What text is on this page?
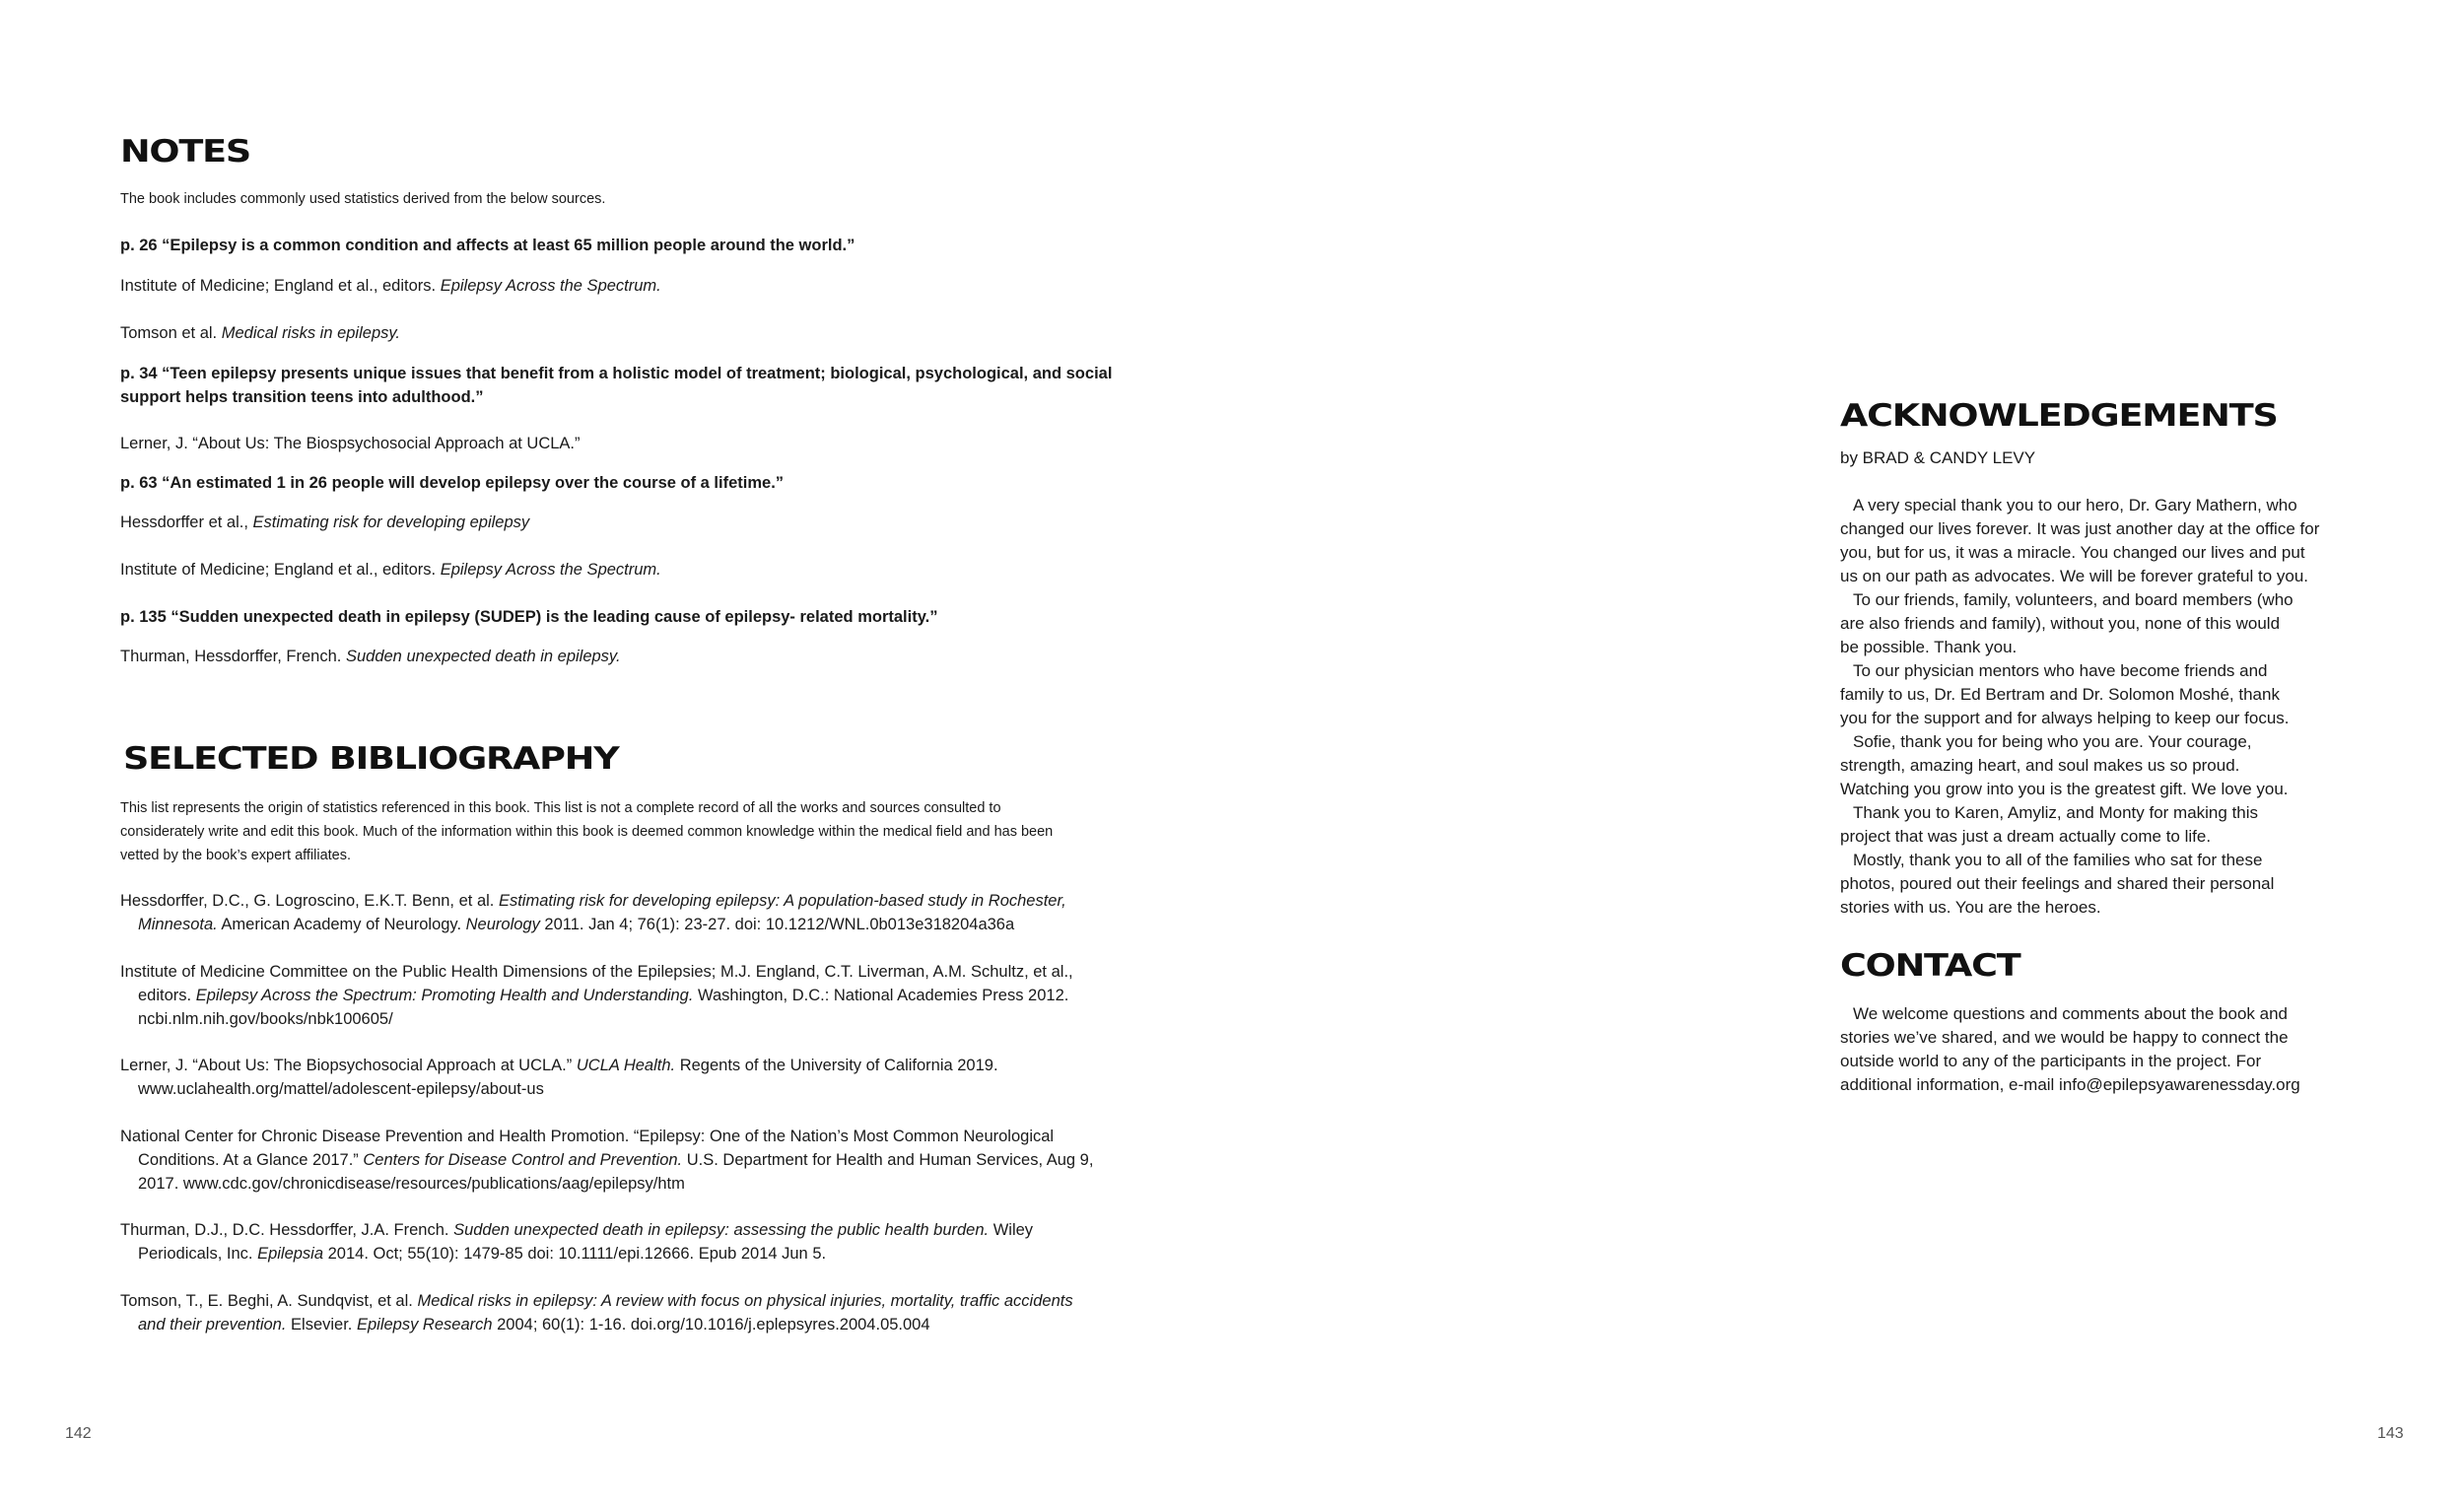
NOTES

The book includes commonly used statistics derived from the below sources.

p. 26 “Epilepsy is a common condition and affects at least 65 million people around the world.”

Institute of Medicine; England et al., editors. Epilepsy Across the Spectrum.

Tomson et al. Medical risks in epilepsy.

p. 34 “Teen epilepsy presents unique issues that benefit from a holistic model of treatment; biological, psychological, and social
support helps transition teens into adulthood.”

Lerner, J. “About Us: The Biospsychosocial Approach at UCLA.”

p. 63 “An estimated 1 in 26 people will develop epilepsy over the course of a lifetime.”

Hessdorffer et al., Estimating risk for developing epilepsy

Institute of Medicine; England et al., editors. Epilepsy Across the Spectrum.

p. 135 “Sudden unexpected death in epilepsy (SUDEP) is the leading cause of epilepsy- related mortality.”

Thurman, Hessdorffer, French. Sudden unexpected death in epilepsy.

SELECTED BIBLIOGRAPHY
This list represents the origin of statistics referenced in this book. This list is not a complete record of all the works and sources consulted to
considerately write and edit this book. Much of the information within this book is deemed common knowledge within the medical field and has been
vetted by the book’s expert affiliates.
Hessdorffer, D.C., G. Logroscino, E.K.T. Benn, et al. Estimating risk for developing epilepsy: A population-based study in Rochester,
Minnesota. American Academy of Neurology. Neurology 2011. Jan 4; 76(1): 23-27. doi: 10.1212/WNL.0b013e318204a36a
Institute of Medicine Committee on the Public Health Dimensions of the Epilepsies; M.J. England, C.T. Liverman, A.M. Schultz, et al.,
editors. Epilepsy Across the Spectrum: Promoting Health and Understanding. Washington, D.C.: National Academies Press 2012.
ncbi.nlm.nih.gov/books/nbk100605/
Lerner, J. “About Us: The Biopsychosocial Approach at UCLA.” UCLA Health. Regents of the University of California 2019.
www.uclahealth.org/mattel/adolescent-epilepsy/about-us
National Center for Chronic Disease Prevention and Health Promotion. “Epilepsy: One of the Nation’s Most Common Neurological
Conditions. At a Glance 2017.” Centers for Disease Control and Prevention. U.S. Department for Health and Human Services, Aug 9,
2017. www.cdc.gov/chronicdisease/resources/publications/aag/epilepsy/htm
Thurman, D.J., D.C. Hessdorffer, J.A. French. Sudden unexpected death in epilepsy: assessing the public health burden. Wiley
Periodicals, Inc. Epilepsia 2014. Oct; 55(10): 1479-85 doi: 10.1111/epi.12666. Epub 2014 Jun 5.
Tomson, T., E. Beghi, A. Sundqvist, et al. Medical risks in epilepsy: A review with focus on physical injuries, mortality, traffic accidents
and their prevention. Elsevier. Epilepsy Research 2004; 60(1): 1-16. doi.org/10.1016/j.eplepsyres.2004.05.004

142

ACKNOWLEDGEMENTS

by BRAD & CANDY LEVY

A very special thank you to our hero, Dr. Gary Mathern, who
changed our lives forever. It was just another day at the office for
you, but for us, it was a miracle. You changed our lives and put
us on our path as advocates. We will be forever grateful to you.

To our friends, family, volunteers, and board members (who
are also friends and family), without you, none of this would
be possible. Thank you.

To our physician mentors who have become friends and
family to us, Dr. Ed Bertram and Dr. Solomon Moshé, thank
you for the support and for always helping to keep our focus.

Sofie, thank you for being who you are. Your courage,
strength, amazing heart, and soul makes us so proud.
Watching you grow into you is the greatest gift. We love you.

Thank you to Karen, Amyliz, and Monty for making this
project that was just a dream actually come to life.

Mostly, thank you to all of the families who sat for these
photos, poured out their feelings and shared their personal
stories with us. You are the heroes.

CONTACT

We welcome questions and comments about the book and
stories we’ve shared, and we would be happy to connect the
outside world to any of the participants in the project. For
additional information, e-mail info@epilepsyawarenessday.org

143
